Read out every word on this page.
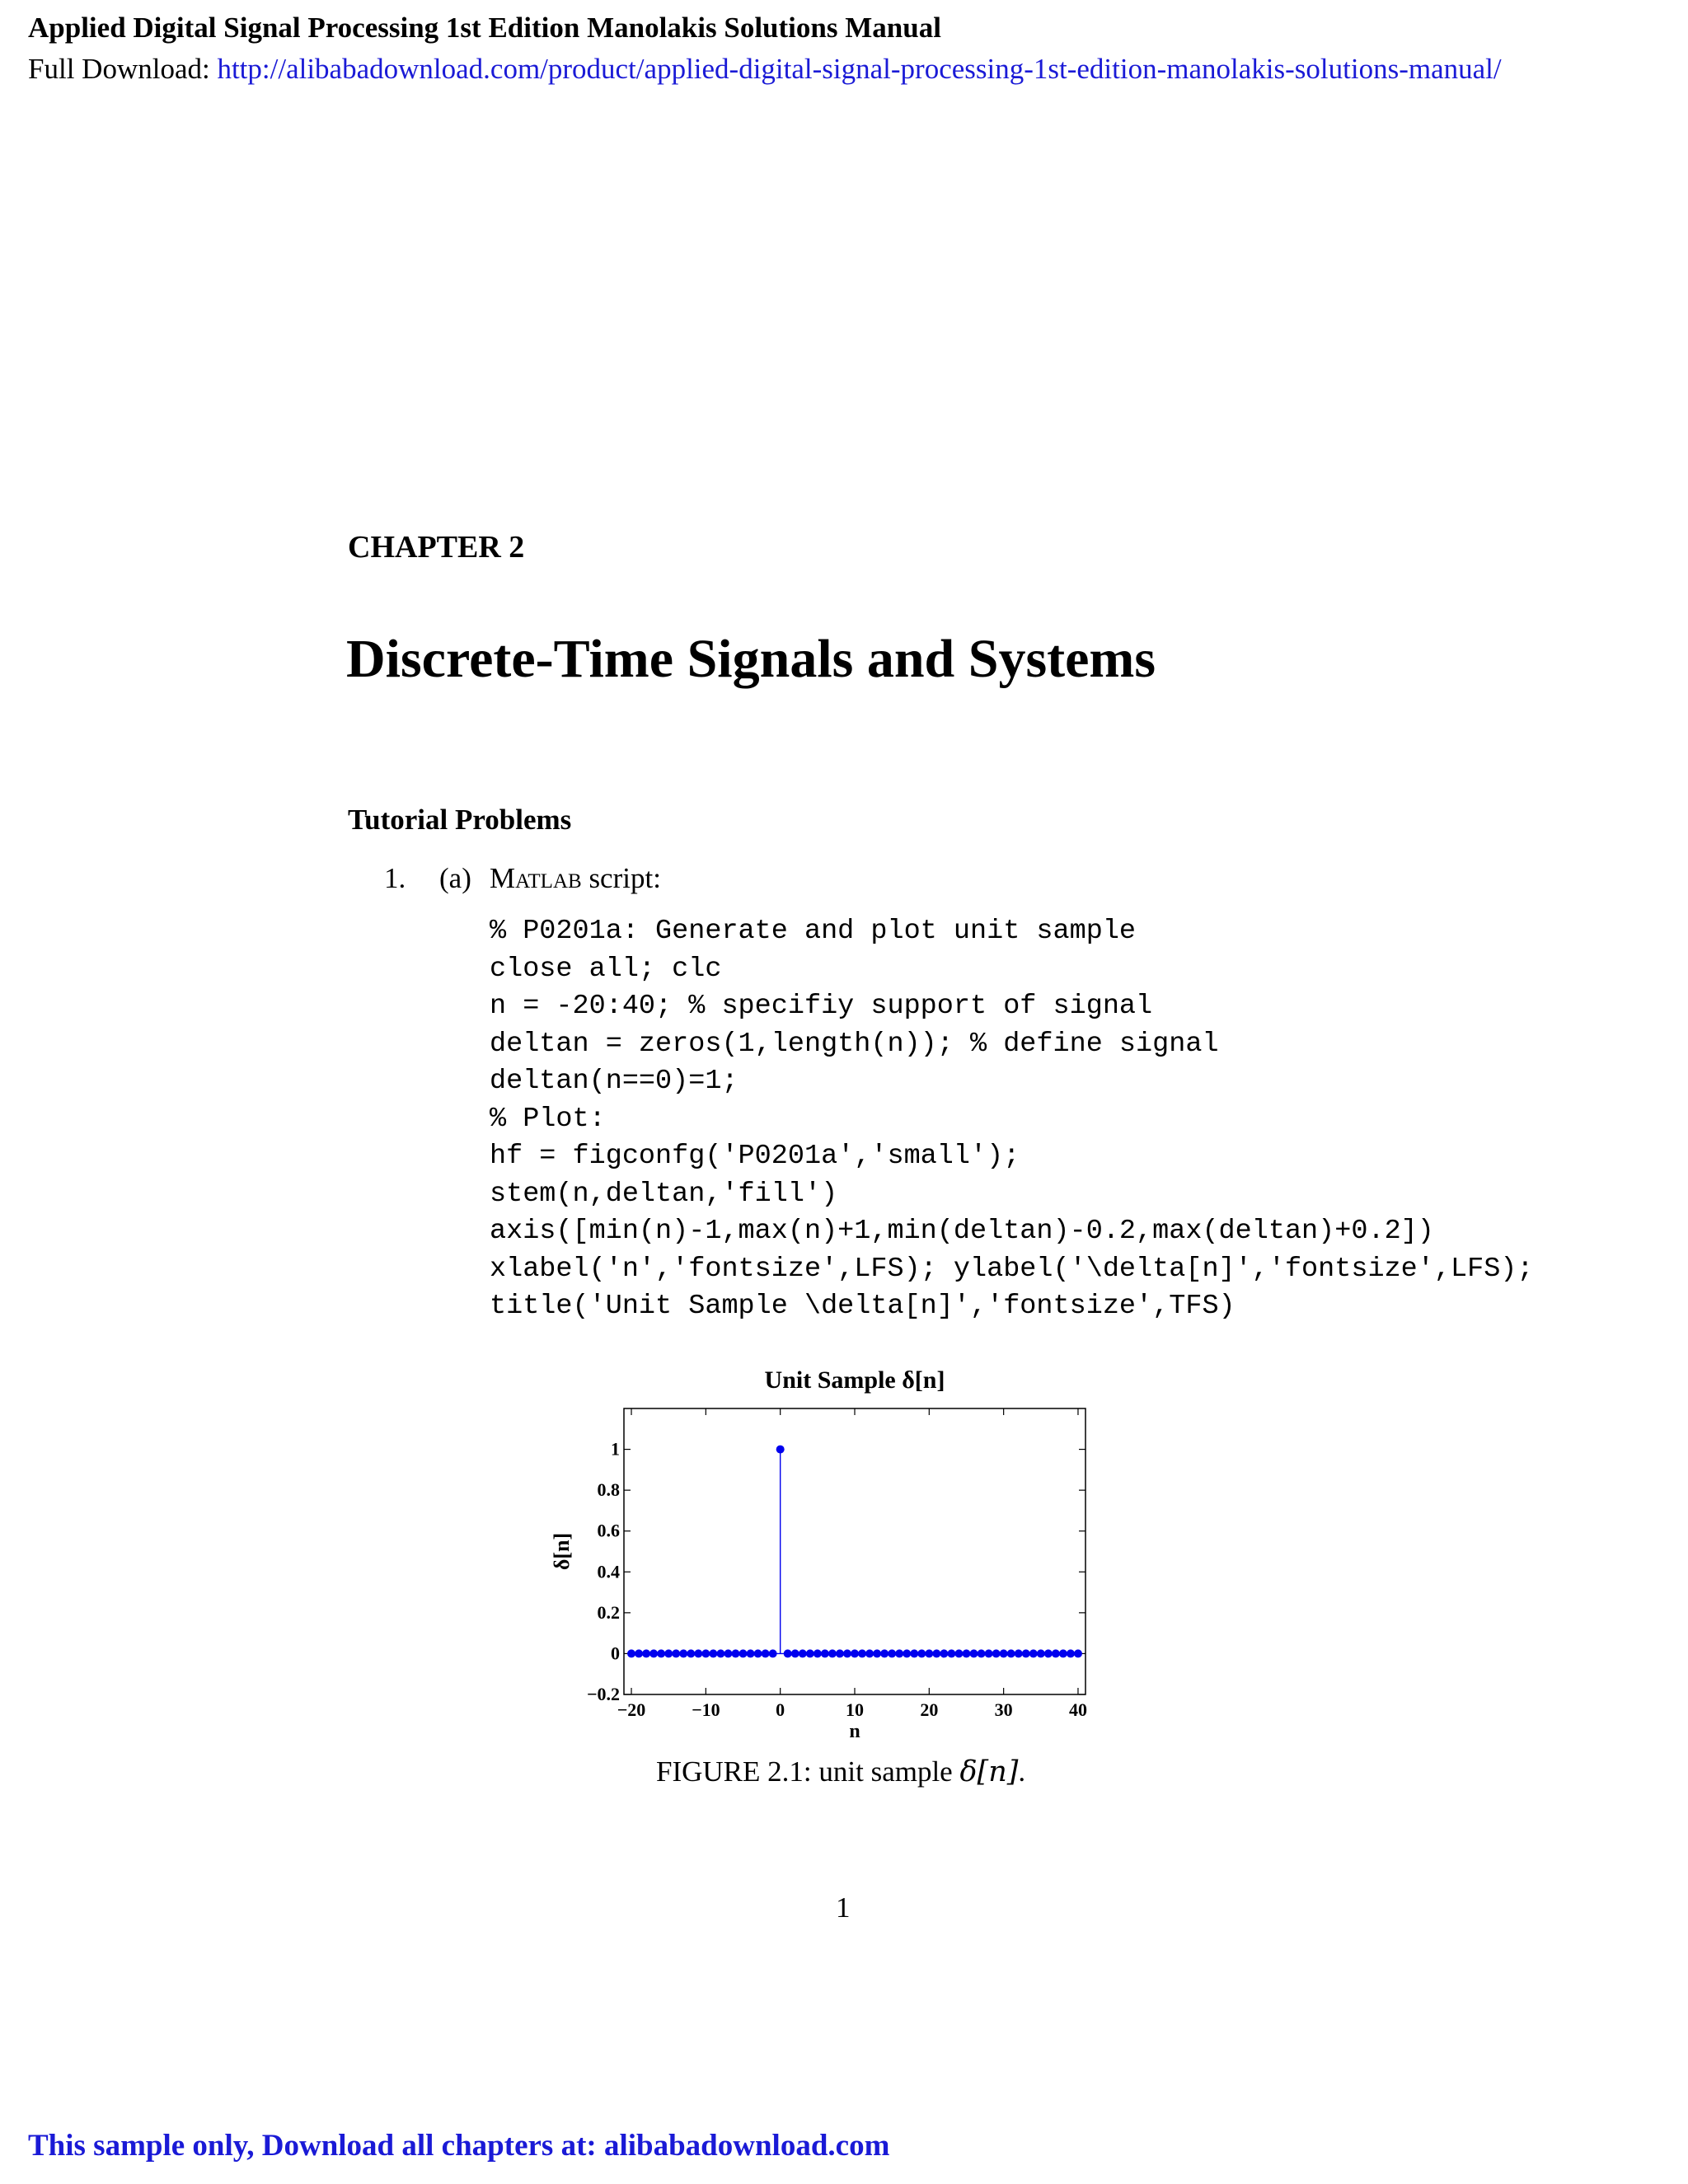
Applied Digital Signal Processing 1st Edition Manolakis Solutions Manual
Full Download: http://alibabadownload.com/product/applied-digital-signal-processing-1st-edition-manolakis-solutions-manual/
CHAPTER 2
Discrete-Time Signals and Systems
Tutorial Problems
1. (a) Matlab script:
% P0201a: Generate and plot unit sample
close all; clc
n = -20:40; % specifiy support of signal
deltan = zeros(1,length(n)); % define signal
deltan(n==0)=1;
% Plot:
hf = figconfg('P0201a','small');
stem(n,deltan,'fill')
axis([min(n)-1,max(n)+1,min(deltan)-0.2,max(deltan)+0.2])
xlabel('n','fontsize',LFS); ylabel('\delta[n]','fontsize',LFS);
title('Unit Sample \delta[n]','fontsize',TFS)
Unit Sample δ[n]
−20	−10	0	10	20	30	40
−0.2
0
0.2
0.4
0.6
0.8
1
n
δ[n]
FIGURE 2.1: unit sample δ[n].
1
This sample only, Download all chapters at: alibabadownload.com
